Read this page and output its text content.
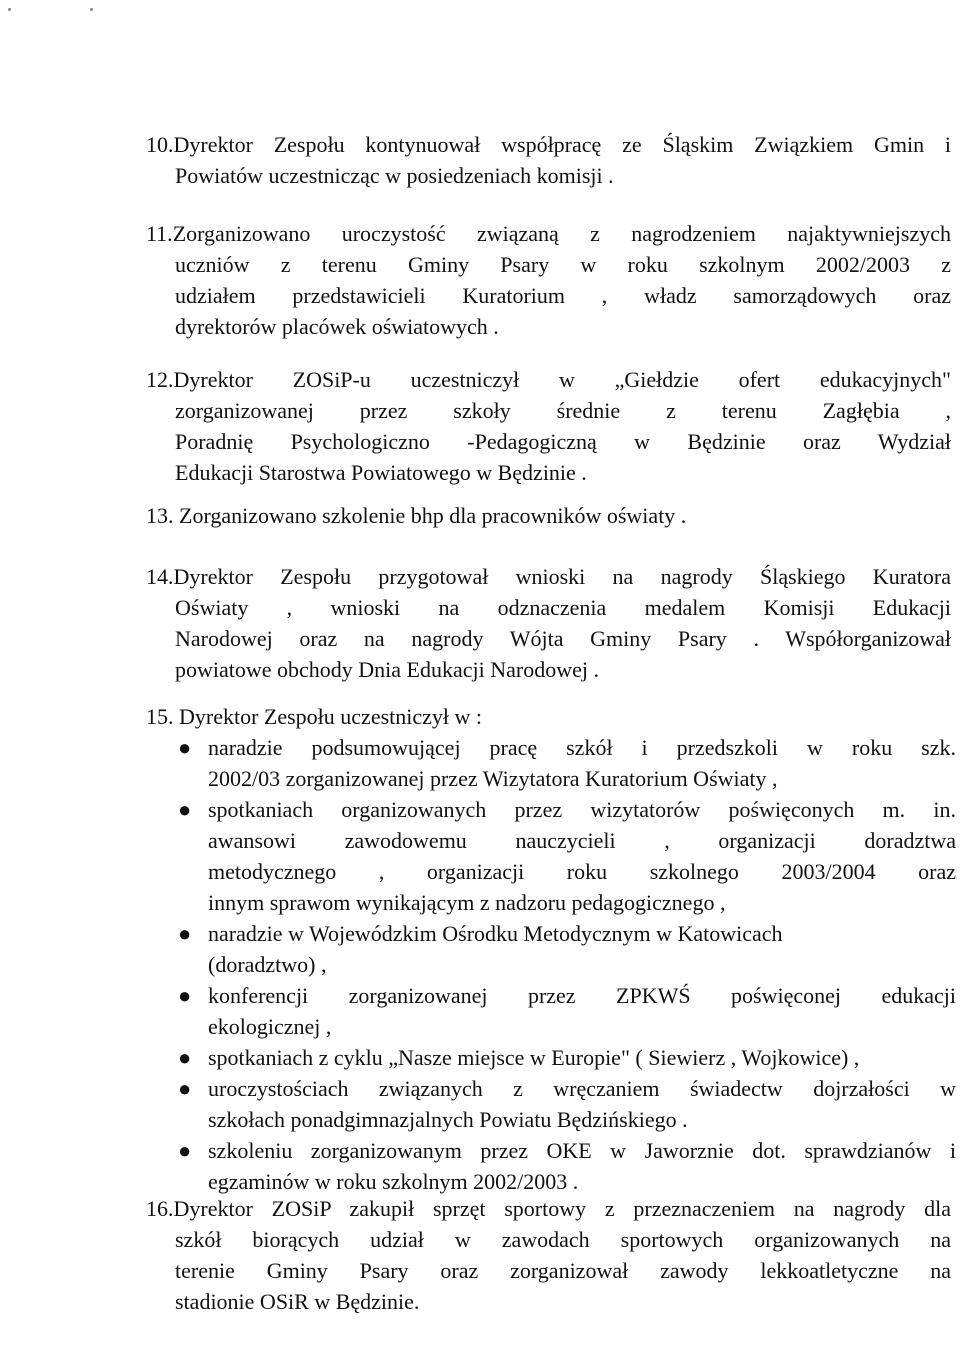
10.Dyrektor Zespołu kontynuował współpracę ze Śląskim Związkiem Gmin i
Powiatów uczestnicząc w posiedzeniach komisji .
11.Zorganizowano uroczystość związaną z nagrodzeniem najaktywniejszych
uczniów z terenu Gminy Psary w roku szkolnym 2002/2003 z
udziałem przedstawicieli Kuratorium , władz samorządowych oraz
dyrektorów placówek oświatowych .
12.Dyrektor ZOSiP-u uczestniczył w „Giełdzie ofert edukacyjnych"
zorganizowanej przez szkoły średnie z terenu Zagłębia ,
Poradnię Psychologiczno -Pedagogiczną w Będzinie oraz Wydział
Edukacji Starostwa Powiatowego w Będzinie .
13. Zorganizowano szkolenie bhp dla pracowników oświaty .
14.Dyrektor Zespołu przygotował wnioski na nagrody Śląskiego Kuratora
Oświaty , wnioski na odznaczenia medalem Komisji Edukacji
Narodowej oraz na nagrody Wójta Gminy Psary . Współorganizował
powiatowe obchody Dnia Edukacji Narodowej .
15. Dyrektor Zespołu uczestniczył w :
● naradzie podsumowującej pracę szkół i przedszkoli w roku szk.
2002/03 zorganizowanej przez Wizytatora Kuratorium Oświaty ,
● spotkaniach organizowanych przez wizytatorów poświęconych m. in.
awansowi zawodowemu nauczycieli , organizacji doradztwa
metodycznego , organizacji roku szkolnego 2003/2004 oraz
innym sprawom wynikającym z nadzoru pedagogicznego ,
● naradzie w Wojewódzkim Ośrodku Metodycznym w Katowicach
(doradztwo) ,
● konferencji zorganizowanej przez ZPKWŚ poświęconej edukacji
ekologicznej ,
● spotkaniach z cyklu „Nasze miejsce w Europie" ( Siewierz , Wojkowice) ,
● uroczystościach związanych z wręczaniem świadectw dojrzałości w
szkołach ponadgimnazjalnych Powiatu Będzińskiego .
● szkoleniu zorganizowanym przez OKE w Jaworznie dot. sprawdzianów i
egzaminów w roku szkolnym 2002/2003 .
16.Dyrektor ZOSiP zakupił sprzęt sportowy z przeznaczeniem na nagrody dla
szkół biorących udział w zawodach sportowych organizowanych na
terenie Gminy Psary oraz zorganizował zawody lekkoatletyczne na
stadionie OSiR w Będzinie.
